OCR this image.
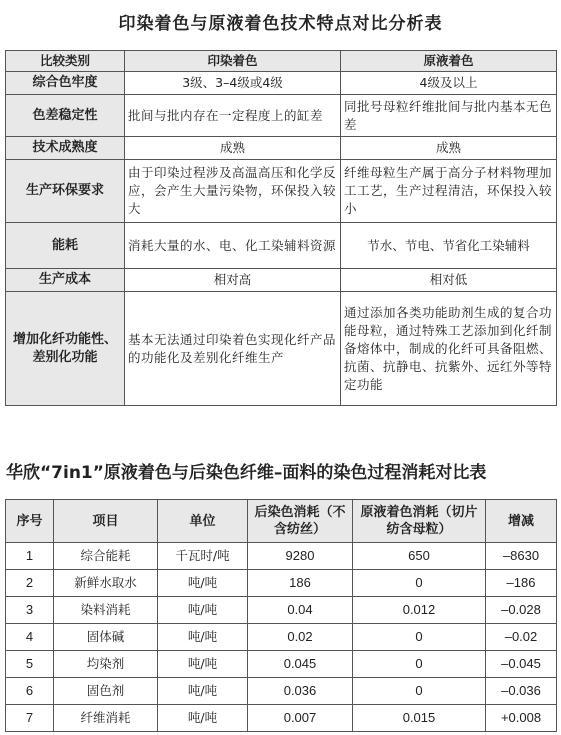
印染着色与原液着色技术特点对比分析表
比较类别	印染着色	原液着色
综合色牢度	3级、3–4级或4级	4级及以上
色差稳定性	批间与批内存在一定程度上的缸差	同批号母粒纤维批间与批内基本无色差
技术成熟度	成熟	成熟
生产环保要求	由于印染过程涉及高温高压和化学反应，会产生大量污染物，环保投入较大	纤维母粒生产属于高分子材料物理加工工艺，生产过程清洁，环保投入较小
能耗	消耗大量的水、电、化工染辅料资源	节水、节电、节省化工染辅料
生产成本	相对高	相对低
增加化纤功能性、差别化功能	基本无法通过印染着色实现化纤产品的功能化及差别化纤维生产	通过添加各类功能助剂生成的复合功能母粒，通过特殊工艺添加到化纤制备熔体中，制成的化纤可具备阻燃、抗菌、抗静电、抗紫外、远红外等特定功能
华欣“7in1”原液着色与后染色纤维–面料的染色过程消耗对比表
序号	项目	单位	后染色消耗（不含纺丝）	原液着色消耗（切片纺含母粒）	增减
1	综合能耗	千瓦时/吨	9280	650	–8630
2	新鲜水取水	吨/吨	186	0	–186
3	染料消耗	吨/吨	0.04	0.012	–0.028
4	固体碱	吨/吨	0.02	0	–0.02
5	均染剂	吨/吨	0.045	0	–0.045
6	固色剂	吨/吨	0.036	0	–0.036
7	纤维消耗	吨/吨	0.007	0.015	+0.008
